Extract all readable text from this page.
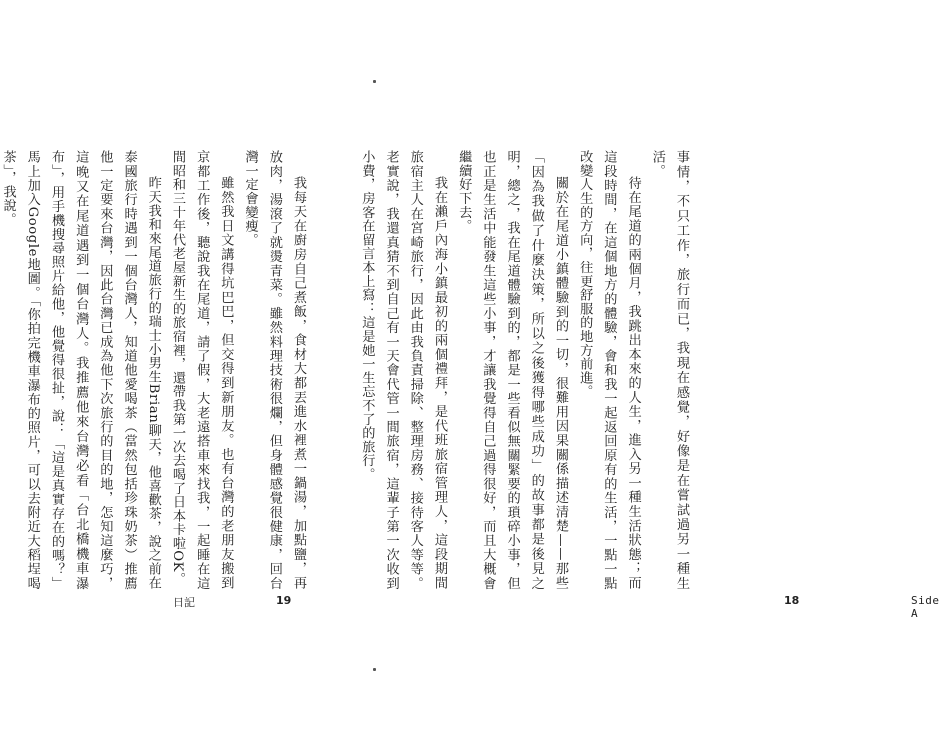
我每天在廚房自己煮飯，食材大都丟進水裡煮一鍋湯，加點鹽，再放肉，湯滾了就燙青菜。雖然料理技術很爛，但身體感覺很健康，回台灣一定會變瘦。

雖然我日文講得坑巴巴，但交得到新朋友。也有台灣的老朋友搬到京都工作後，聽說我在尾道，請了假，大老遠搭車來找我，一起睡在這間昭和三十年代老屋新生的旅宿裡，還帶我第一次去喝了日本卡啦OK。

昨天我和來尾道旅行的瑞士小男生Brian聊天，他喜歡茶，說之前在泰國旅行時遇到一個台灣人，知道他愛喝茶（當然包括珍珠奶茶）推薦他一定要來台灣，因此台灣已成為他下次旅行的目的地，怎知這麼巧，這晚又在尾道遇到一個台灣人。我推薦他來台灣必看「台北橋機車瀑布」，用手機搜尋照片給他，他覺得很扯，說：「這是真實存在的嗎？」馬上加入Google地圖。「你拍完機車瀑布的照片，可以去附近大稻埕喝茶」，我說。

日記	19

事情，不只工作，旅行而已，我現在感覺，好像是在嘗試過另一種生活。

待在尾道的兩個月，我跳出本來的人生，進入另一種生活狀態；而這段時間，在這個地方的體驗，會和我一起返回原有的生活，一點一點改變人生的方向，往更舒服的地方前進。

關於在尾道小鎮體驗到的一切，很難用因果關係描述清楚——那些「因為我做了什麼決策，所以之後獲得哪些成功」的故事都是後見之明，總之，我在尾道體驗到的，都是一些看似無關緊要的瑣碎小事，但也正是生活中能發生這些小事，才讓我覺得自己過得很好，而且大概會繼續好下去。

我在瀨戶內海小鎮最初的兩個禮拜，是代班旅宿管理人，這段期間旅宿主人在宮崎旅行，因此由我負責掃除、整理房務、接待客人等等。老實說，我還真猜不到自己有一天會代管一間旅宿，這輩子第一次收到小費，房客在留言本上寫：這是她一生忘不了的旅行。

18	Side A
